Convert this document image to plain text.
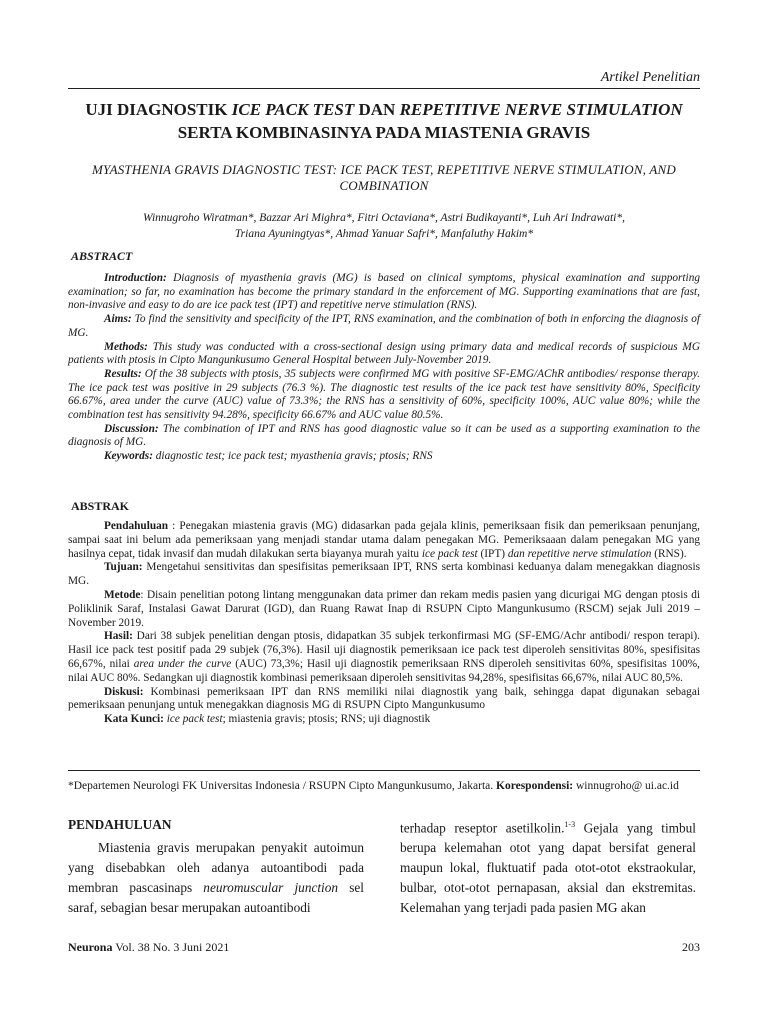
Artikel Penelitian
UJI DIAGNOSTIK ICE PACK TEST DAN REPETITIVE NERVE STIMULATION SERTA KOMBINASINYA PADA MIASTENIA GRAVIS
MYASTHENIA GRAVIS DIAGNOSTIC TEST: ICE PACK TEST, REPETITIVE NERVE STIMULATION, AND COMBINATION
Winnugroho Wiratman*, Bazzar Ari Mighra*, Fitri Octaviana*, Astri Budikayanti*, Luh Ari Indrawati*,
Triana Ayuningtyas*, Ahmad Yanuar Safri*, Manfaluthy Hakim*
ABSTRACT

Introduction: Diagnosis of myasthenia gravis (MG) is based on clinical symptoms, physical examination and supporting examination; so far, no examination has become the primary standard in the enforcement of MG. Supporting examinations that are fast, non-invasive and easy to do are ice pack test (IPT) and repetitive nerve stimulation (RNS).

Aims: To find the sensitivity and specificity of the IPT, RNS examination, and the combination of both in enforcing the diagnosis of MG.

Methods: This study was conducted with a cross-sectional design using primary data and medical records of suspicious MG patients with ptosis in Cipto Mangunkusumo General Hospital between July-November 2019.

Results: Of the 38 subjects with ptosis, 35 subjects were confirmed MG with positive SF-EMG/AChR antibodies/ response therapy. The ice pack test was positive in 29 subjects (76.3 %). The diagnostic test results of the ice pack test have sensitivity 80%, Specificity 66.67%, area under the curve (AUC) value of 73.3%; the RNS has a sensitivity of 60%, specificity 100%, AUC value 80%; while the combination test has sensitivity 94.28%, specificity 66.67% and AUC value 80.5%.

Discussion: The combination of IPT and RNS has good diagnostic value so it can be used as a supporting examination to the diagnosis of MG.

Keywords: diagnostic test; ice pack test; myasthenia gravis; ptosis; RNS

ABSTRAK

Pendahuluan : Penegakan miastenia gravis (MG) didasarkan pada gejala klinis, pemeriksaan fisik dan pemeriksaan penunjang, sampai saat ini belum ada pemeriksaan yang menjadi standar utama dalam penegakan MG. Pemeriksaaan dalam penegakan MG yang hasilnya cepat, tidak invasif dan mudah dilakukan serta biayanya murah yaitu ice pack test (IPT) dan repetitive nerve stimulation (RNS).

Tujuan: Mengetahui sensitivitas dan spesifisitas pemeriksaan IPT, RNS serta kombinasi keduanya dalam menegakkan diagnosis MG.

Metode: Disain penelitian potong lintang menggunakan data primer dan rekam medis pasien yang dicurigai MG dengan ptosis di Poliklinik Saraf, Instalasi Gawat Darurat (IGD), dan Ruang Rawat Inap di RSUPN Cipto Mangunkusumo (RSCM) sejak Juli 2019 – November 2019.

Hasil: Dari 38 subjek penelitian dengan ptosis, didapatkan 35 subjek terkonfirmasi MG (SF-EMG/Achr antibodi/ respon terapi). Hasil ice pack test positif pada 29 subjek (76,3%). Hasil uji diagnostik pemeriksaan ice pack test diperoleh sensitivitas 80%, spesifisitas 66,67%, nilai area under the curve (AUC) 73,3%; Hasil uji diagnostik pemeriksaan RNS diperoleh sensitivitas 60%, spesifisitas 100%, nilai AUC 80%. Sedangkan uji diagnostik kombinasi pemeriksaan diperoleh sensitivitas 94,28%, spesifisitas 66,67%, nilai AUC 80,5%.

Diskusi: Kombinasi pemeriksaan IPT dan RNS memiliki nilai diagnostik yang baik, sehingga dapat digunakan sebagai pemeriksaan penunjang untuk menegakkan diagnosis MG di RSUPN Cipto Mangunkusumo

Kata Kunci: ice pack test; miastenia gravis; ptosis; RNS; uji diagnostik

*Departemen Neurologi FK Universitas Indonesia / RSUPN Cipto Mangunkusumo, Jakarta. Korespondensi: winnugroho@ ui.ac.id
PENDAHULUAN

Miastenia gravis merupakan penyakit autoimun yang disebabkan oleh adanya autoantibodi pada membran pascasinaps neuromuscular junction sel saraf, sebagian besar merupakan autoantibodi

terhadap reseptor asetilkolin.$^{1-3}$ Gejala yang timbul berupa kelemahan otot yang dapat bersifat general maupun lokal, fluktuatif pada otot-otot ekstraokular, bulbar, otot-otot pernapasan, aksial dan ekstremitas. Kelemahan yang terjadi pada pasien MG akan

Neurona Vol. 38 No. 3 Juni 2021	203
